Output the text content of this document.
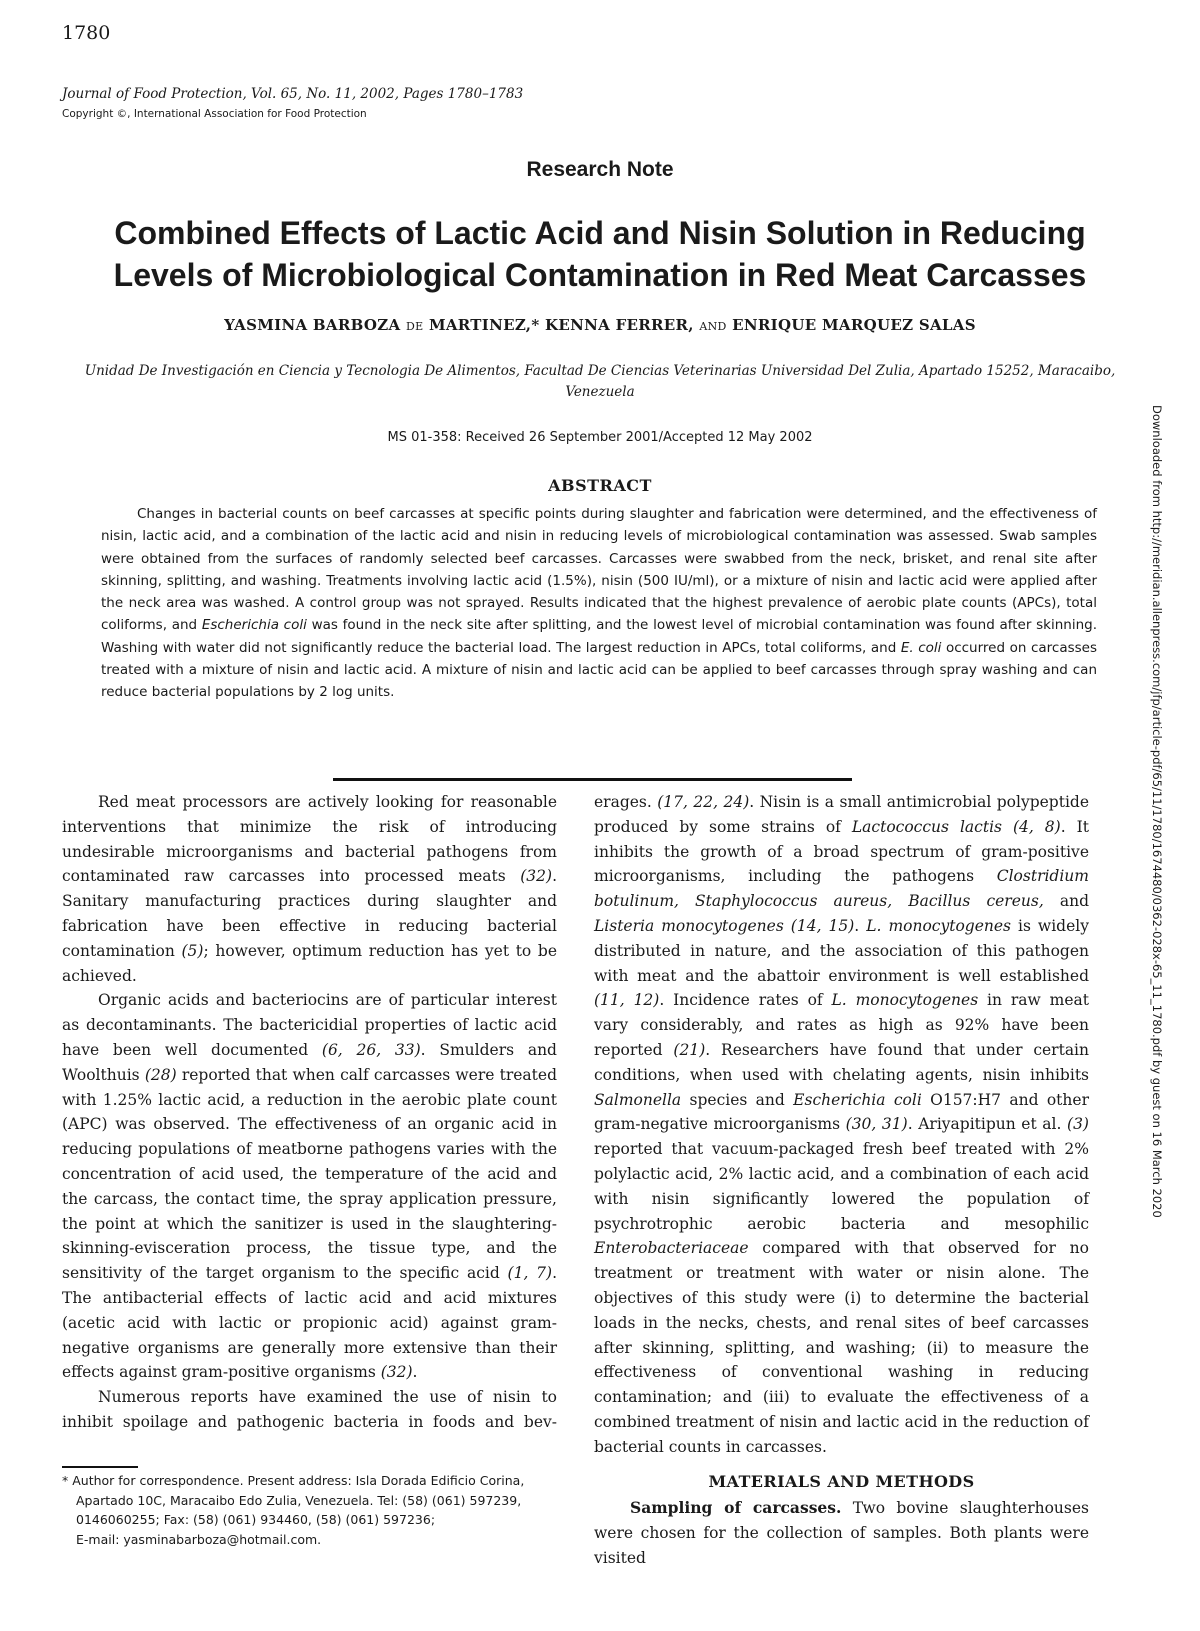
1780
Journal of Food Protection, Vol. 65, No. 11, 2002, Pages 1780–1783
Copyright ©, International Association for Food Protection
Research Note
Combined Effects of Lactic Acid and Nisin Solution in Reducing
Levels of Microbiological Contamination in Red Meat Carcasses
YASMINA BARBOZA DE MARTINEZ,* KENNA FERRER, AND ENRIQUE MARQUEZ SALAS
Unidad De Investigación en Ciencia y Tecnologia De Alimentos, Facultad De Ciencias Veterinarias Universidad Del Zulia, Apartado 15252, Maracaibo, Venezuela
MS 01-358: Received 26 September 2001/Accepted 12 May 2002
ABSTRACT
Changes in bacterial counts on beef carcasses at specific points during slaughter and fabrication were determined, and the effectiveness of nisin, lactic acid, and a combination of the lactic acid and nisin in reducing levels of microbiological contamination was assessed. Swab samples were obtained from the surfaces of randomly selected beef carcasses. Carcasses were swabbed from the neck, brisket, and renal site after skinning, splitting, and washing. Treatments involving lactic acid (1.5%), nisin (500 IU/ml), or a mixture of nisin and lactic acid were applied after the neck area was washed. A control group was not sprayed. Results indicated that the highest prevalence of aerobic plate counts (APCs), total coliforms, and Escherichia coli was found in the neck site after splitting, and the lowest level of microbial contamination was found after skinning. Washing with water did not significantly reduce the bacterial load. The largest reduction in APCs, total coliforms, and E. coli occurred on carcasses treated with a mixture of nisin and lactic acid. A mixture of nisin and lactic acid can be applied to beef carcasses through spray washing and can reduce bacterial populations by 2 log units.

Red meat processors are actively looking for reasonable interventions that minimize the risk of introducing undesirable microorganisms and bacterial pathogens from contaminated raw carcasses into processed meats (32). Sanitary manufacturing practices during slaughter and fabrication have been effective in reducing bacterial contamination (5); however, optimum reduction has yet to be achieved.

Organic acids and bacteriocins are of particular interest as decontaminants. The bactericidial properties of lactic acid have been well documented (6, 26, 33). Smulders and Woolthuis (28) reported that when calf carcasses were treated with 1.25% lactic acid, a reduction in the aerobic plate count (APC) was observed. The effectiveness of an organic acid in reducing populations of meatborne pathogens varies with the concentration of acid used, the temperature of the acid and the carcass, the contact time, the spray application pressure, the point at which the sanitizer is used in the slaughtering-skinning-evisceration process, the tissue type, and the sensitivity of the target organism to the specific acid (1, 7). The antibacterial effects of lactic acid and acid mixtures (acetic acid with lactic or propionic acid) against gram-negative organisms are generally more extensive than their effects against gram-positive organisms (32).

Numerous reports have examined the use of nisin to inhibit spoilage and pathogenic bacteria in foods and bev-

* Author for correspondence. Present address: Isla Dorada Edificio Corina,
Apartado 10C, Maracaibo Edo Zulia, Venezuela. Tel: (58) (061) 597239,
0146060255; Fax: (58) (061) 934460, (58) (061) 597236;
E-mail: yasminabarboza@hotmail.com.

erages. (17, 22, 24). Nisin is a small antimicrobial polypeptide produced by some strains of Lactococcus lactis (4, 8). It inhibits the growth of a broad spectrum of gram-positive microorganisms, including the pathogens Clostridium botulinum, Staphylococcus aureus, Bacillus cereus, and Listeria monocytogenes (14, 15). L. monocytogenes is widely distributed in nature, and the association of this pathogen with meat and the abattoir environment is well established (11, 12). Incidence rates of L. monocytogenes in raw meat vary considerably, and rates as high as 92% have been reported (21). Researchers have found that under certain conditions, when used with chelating agents, nisin inhibits Salmonella species and Escherichia coli O157:H7 and other gram-negative microorganisms (30, 31). Ariyapitipun et al. (3) reported that vacuum-packaged fresh beef treated with 2% polylactic acid, 2% lactic acid, and a combination of each acid with nisin significantly lowered the population of psychrotrophic aerobic bacteria and mesophilic Enterobacteriaceae compared with that observed for no treatment or treatment with water or nisin alone. The objectives of this study were (i) to determine the bacterial loads in the necks, chests, and renal sites of beef carcasses after skinning, splitting, and washing; (ii) to measure the effectiveness of conventional washing in reducing contamination; and (iii) to evaluate the effectiveness of a combined treatment of nisin and lactic acid in the reduction of bacterial counts in carcasses.

MATERIALS AND METHODS

Sampling of carcasses. Two bovine slaughterhouses were chosen for the collection of samples. Both plants were visited

Downloaded from http://meridian.allenpress.com/jfp/article-pdf/65/11/1780/1674480/0362-028x-65_11_1780.pdf by guest on 16 March 2020
